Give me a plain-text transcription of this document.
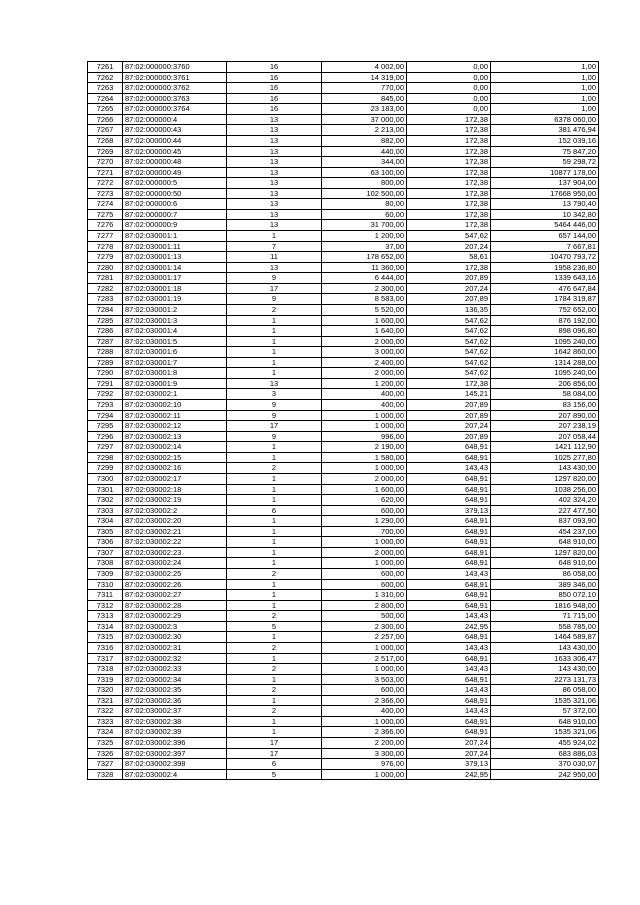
7261	87:02:000000:3760	16	4 002,00	0,00	1,00
7262	87:02:000000:3761	16	14 319,00	0,00	1,00
7263	87:02:000000:3762	16	770,00	0,00	1,00
7264	87:02:000000:3763	16	845,00	0,00	1,00
7265	87:02:000000:3764	16	23 183,00	0,00	1,00
7266	87:02:000000:4	13	37 000,00	172,38	6378 060,00
7267	87:02:000000:43	13	2 213,00	172,38	381 476,94
7268	87:02:000000:44	13	882,00	172,38	152 039,16
7269	87:02:000000:45	13	440,00	172,38	75 847,20
7270	87:02:000000:48	13	344,00	172,38	59 298,72
7271	87:02:000000:49	13	63 100,00	172,38	10877 178,00
7272	87:02:000000:5	13	800,00	172,38	137 904,00
7273	87:02:000000:50	13	102 500,00	172,38	17668 950,00
7274	87:02:000000:6	13	80,00	172,38	13 790,40
7275	87:02:000000:7	13	60,00	172,38	10 342,80
7276	87:02:000000:9	13	31 700,00	172,38	5464 446,00
7277	87:02:030001:1	1	1 200,00	547,62	657 144,00
7278	87:02:030001:11	7	37,00	207,24	7 667,81
7279	87:02:030001:13	11	178 652,00	58,61	10470 793,72
7280	87:02:030001:14	13	11 360,00	172,38	1958 236,80
7281	87:02:030001:17	9	6 444,00	207,89	1339 643,16
7282	87:02:030001:18	17	2 300,00	207,24	476 647,84
7283	87:02:030001:19	9	8 583,00	207,89	1784 319,87
7284	87:02:030001:2	2	5 520,00	136,35	752 652,00
7285	87:02:030001:3	1	1 600,00	547,62	876 192,00
7286	87:02:030001:4	1	1 640,00	547,62	898 096,80
7287	87:02:030001:5	1	2 000,00	547,62	1095 240,00
7288	87:02:030001:6	1	3 000,00	547,62	1642 860,00
7289	87:02:030001:7	1	2 400,00	547,62	1314 288,00
7290	87:02:030001:8	1	2 000,00	547,62	1095 240,00
7291	87:02:030001:9	13	1 200,00	172,38	206 856,00
7292	87:02:030002:1	3	400,00	145,21	58 084,00
7293	87:02:030002:10	9	400,00	207,89	83 156,00
7294	87:02:030002:11	9	1 000,00	207,89	207 890,00
7295	87:02:030002:12	17	1 000,00	207,24	207 238,19
7296	87:02:030002:13	9	996,00	207,89	207 058,44
7297	87:02:030002:14	1	2 190,00	648,91	1421 112,90
7298	87:02:030002:15	1	1 580,00	648,91	1025 277,80
7299	87:02:030002:16	2	1 000,00	143,43	143 430,00
7300	87:02:030002:17	1	2 000,00	648,91	1297 820,00
7301	87:02:030002:18	1	1 600,00	648,91	1038 256,00
7302	87:02:030002:19	1	620,00	648,91	402 324,20
7303	87:02:030002:2	6	600,00	379,13	227 477,50
7304	87:02:030002:20	1	1 290,00	648,91	837 093,90
7305	87:02:030002:21	1	700,00	648,91	454 237,00
7306	87:02:030002:22	1	1 000,00	648,91	648 910,00
7307	87:02:030002:23	1	2 000,00	648,91	1297 820,00
7308	87:02:030002:24	1	1 000,00	648,91	648 910,00
7309	87:02:030002:25	2	600,00	143,43	86 058,00
7310	87:02:030002:26	1	600,00	648,91	389 346,00
7311	87:02:030002:27	1	1 310,00	648,91	850 072,10
7312	87:02:030002:28	1	2 800,00	648,91	1816 948,00
7313	87:02:030002:29	2	500,00	143,43	71 715,00
7314	87:02:030002:3	5	2 300,00	242,95	558 785,00
7315	87:02:030002:30	1	2 257,00	648,91	1464 589,87
7316	87:02:030002:31	2	1 000,00	143,43	143 430,00
7317	87:02:030002:32	1	2 517,00	648,91	1633 306,47
7318	87:02:030002:33	2	1 000,00	143,43	143 430,00
7319	87:02:030002:34	1	3 503,00	648,91	2273 131,73
7320	87:02:030002:35	2	600,00	143,43	86 058,00
7321	87:02:030002:36	1	2 366,00	648,91	1535 321,06
7322	87:02:030002:37	2	400,00	143,43	57 372,00
7323	87:02:030002:38	1	1 000,00	648,91	648 910,00
7324	87:02:030002:39	1	2 366,00	648,91	1535 321,06
7325	87:02:030002:396	17	2 200,00	207,24	455 924,02
7326	87:02:030002:397	17	3 300,00	207,24	683 886,03
7327	87:02:030002:398	6	976,00	379,13	370 030,07
7328	87:02:030002:4	5	1 000,00	242,95	242 950,00
